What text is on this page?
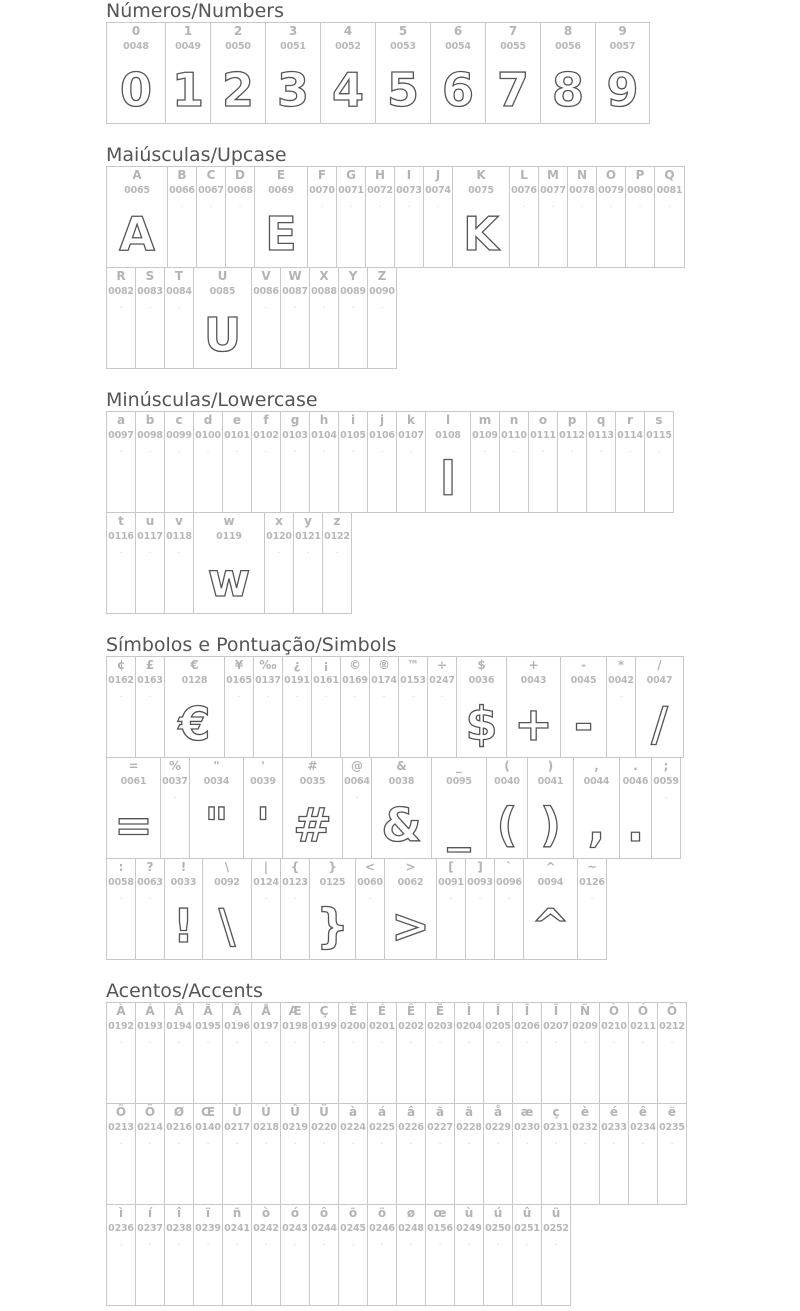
Números/Numbers
0
0048
0
1
0049
1
2
0050
2
3
0051
3
4
0052
4
5
0053
5
6
0054
6
7
0055
7
8
0056
8
9
0057
9
Maiúsculas/Upcase
A
0065
A
B
0066
.
C
0067
.
D
0068
.
E
0069
E
F
0070
.
G
0071
.
H
0072
.
I
0073
.
J
0074
.
K
0075
K
L
0076
.
M
0077
.
N
0078
.
O
0079
.
P
0080
.
Q
0081
.
R
0082
.
S
0083
.
T
0084
.
U
0085
U
V
0086
.
W
0087
.
X
0088
.
Y
0089
.
Z
0090
.
Minúsculas/Lowercase
a
0097
.
b
0098
.
c
0099
.
d
0100
.
e
0101
.
f
0102
.
g
0103
.
h
0104
.
i
0105
.
j
0106
.
k
0107
.
l
0108
l
m
0109
.
n
0110
.
o
0111
.
p
0112
.
q
0113
.
r
0114
.
s
0115
.
t
0116
.
u
0117
.
v
0118
.
w
0119
w
x
0120
.
y
0121
.
z
0122
.
Símbolos e Pontuação/Simbols
¢
0162
.
£
0163
.
€
0128
€
¥
0165
.
‰
0137
.
¿
0191
.
¡
0161
.
©
0169
.
®
0174
.
™
0153
.
÷
0247
.
$
0036
$
+
0043
+
-
0045
-
*
0042
.
/
0047
/
=
0061
=
%
0037
.
"
0034
"
'
0039
'
#
0035
#
@
0064
.
&
0038
&
_
0095
_
(
0040
(
)
0041
)
,
0044
,
.
0046
.
;
0059
.
:
0058
.
?
0063
.
!
0033
!
\
0092
\
|
0124
.
{
0123
.
}
0125
}
<
0060
.
>
0062
>
[
0091
.
]
0093
.
`
0096
.
^
0094
^
~
0126
.
Acentos/Accents
À
0192
.
Á
0193
.
Â
0194
.
Ã
0195
.
Ä
0196
.
Å
0197
.
Æ
0198
.
Ç
0199
.
È
0200
.
É
0201
.
Ê
0202
.
Ë
0203
.
Ì
0204
.
Í
0205
.
Î
0206
.
Ï
0207
.
Ñ
0209
.
Ò
0210
.
Ó
0211
.
Ô
0212
.
Õ
0213
.
Ö
0214
.
Ø
0216
.
Œ
0140
.
Ù
0217
.
Ú
0218
.
Û
0219
.
Ü
0220
.
à
0224
.
á
0225
.
â
0226
.
ã
0227
.
ä
0228
.
å
0229
.
æ
0230
.
ç
0231
.
è
0232
.
é
0233
.
ê
0234
.
ë
0235
.
ì
0236
.
í
0237
.
î
0238
.
ï
0239
.
ñ
0241
.
ò
0242
.
ó
0243
.
ô
0244
.
õ
0245
.
ö
0246
.
ø
0248
.
œ
0156
.
ù
0249
.
ú
0250
.
û
0251
.
ü
0252
.
